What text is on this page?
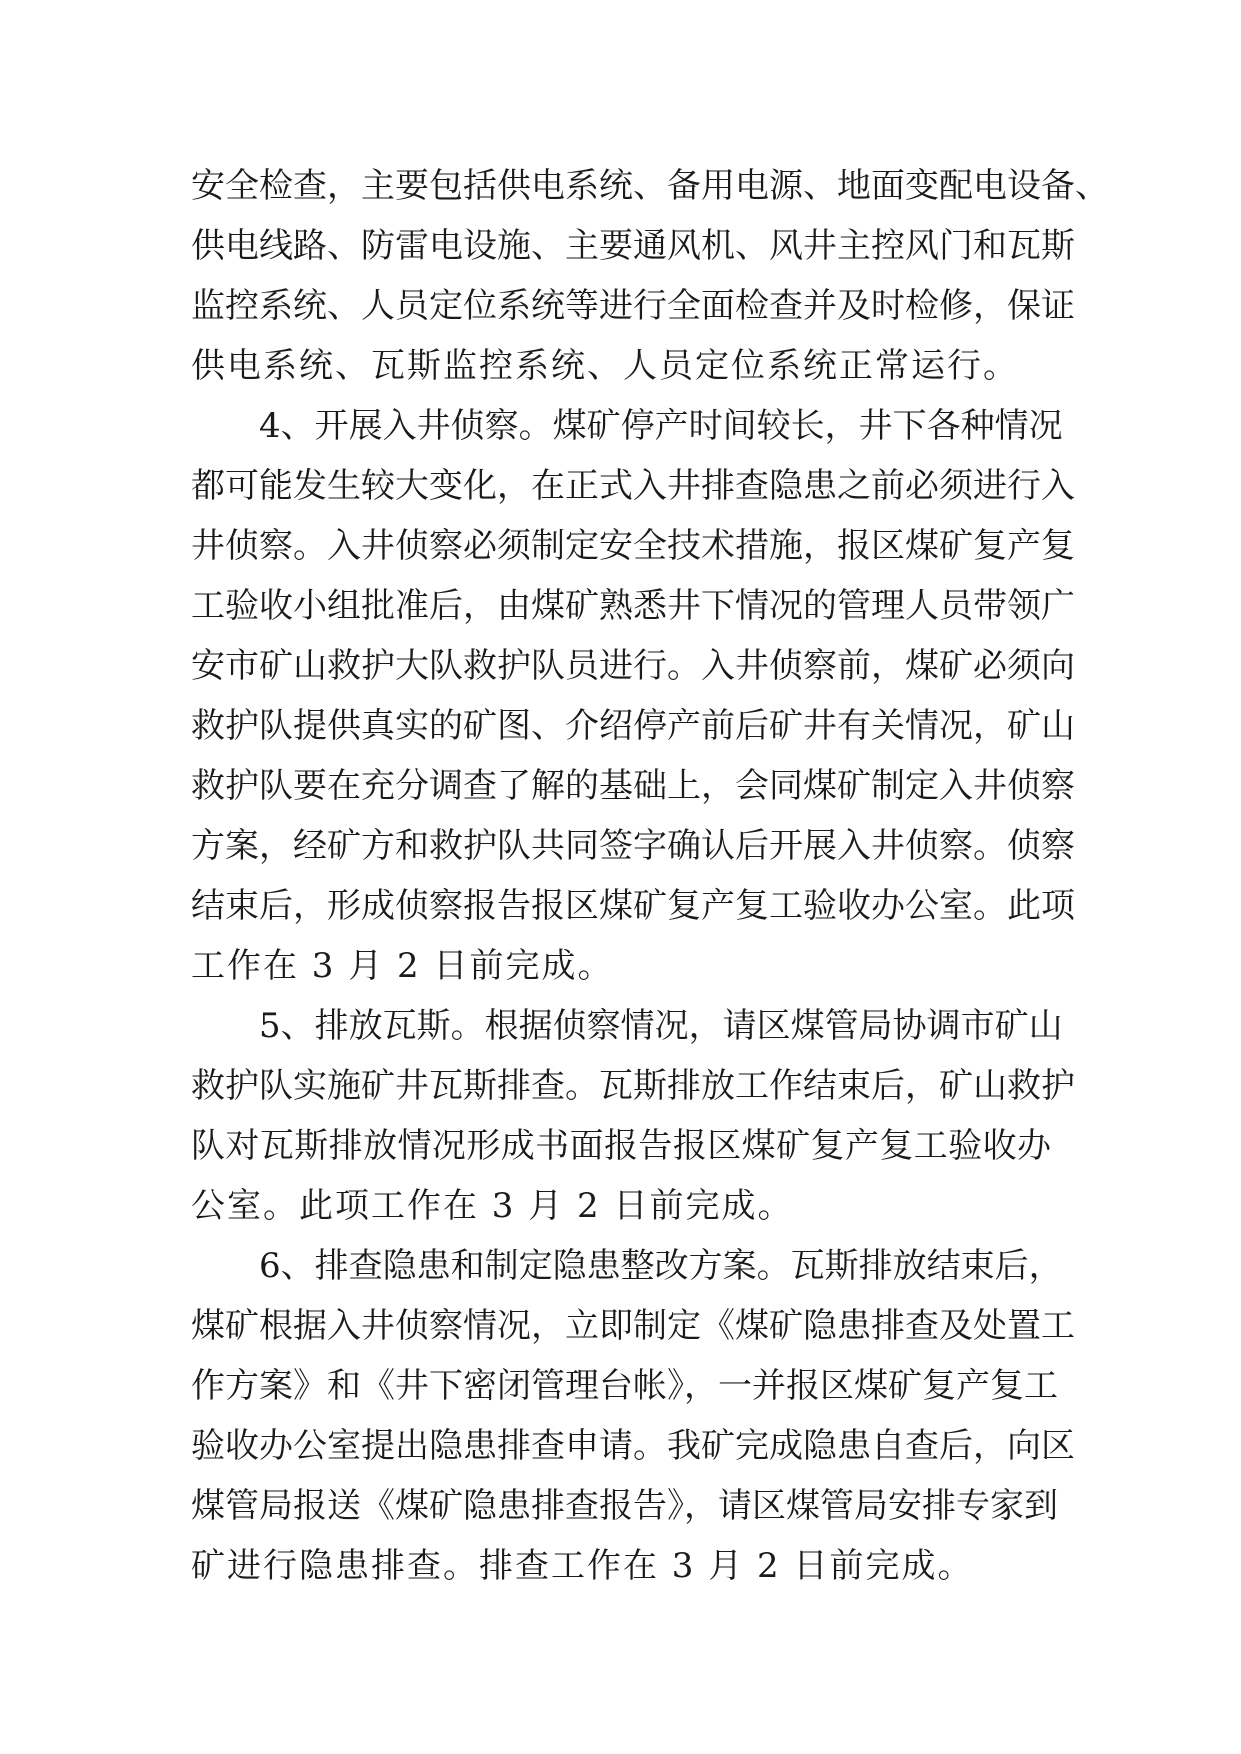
安全检查，主要包括供电系统、备用电源、地面变配电设备、
供电线路、防雷电设施、主要通风机、风井主控风门和瓦斯
监控系统、人员定位系统等进行全面检查并及时检修，保证
供电系统、瓦斯监控系统、人员定位系统正常运行。
4、开展入井侦察。煤矿停产时间较长，井下各种情况
都可能发生较大变化，在正式入井排查隐患之前必须进行入
井侦察。入井侦察必须制定安全技术措施，报区煤矿复产复
工验收小组批准后，由煤矿熟悉井下情况的管理人员带领广
安市矿山救护大队救护队员进行。入井侦察前，煤矿必须向
救护队提供真实的矿图、介绍停产前后矿井有关情况，矿山
救护队要在充分调查了解的基础上，会同煤矿制定入井侦察
方案，经矿方和救护队共同签字确认后开展入井侦察。侦察
结束后，形成侦察报告报区煤矿复产复工验收办公室。此项
工作在 3 月 2 日前完成。
5、排放瓦斯。根据侦察情况，请区煤管局协调市矿山
救护队实施矿井瓦斯排查。瓦斯排放工作结束后，矿山救护
队对瓦斯排放情况形成书面报告报区煤矿复产复工验收办
公室。此项工作在 3 月 2 日前完成。
6、排查隐患和制定隐患整改方案。瓦斯排放结束后，
煤矿根据入井侦察情况，立即制定《煤矿隐患排查及处置工
作方案》和《井下密闭管理台帐》，一并报区煤矿复产复工
验收办公室提出隐患排查申请。我矿完成隐患自查后，向区
煤管局报送《煤矿隐患排查报告》，请区煤管局安排专家到
矿进行隐患排查。排查工作在 3 月 2 日前完成。
